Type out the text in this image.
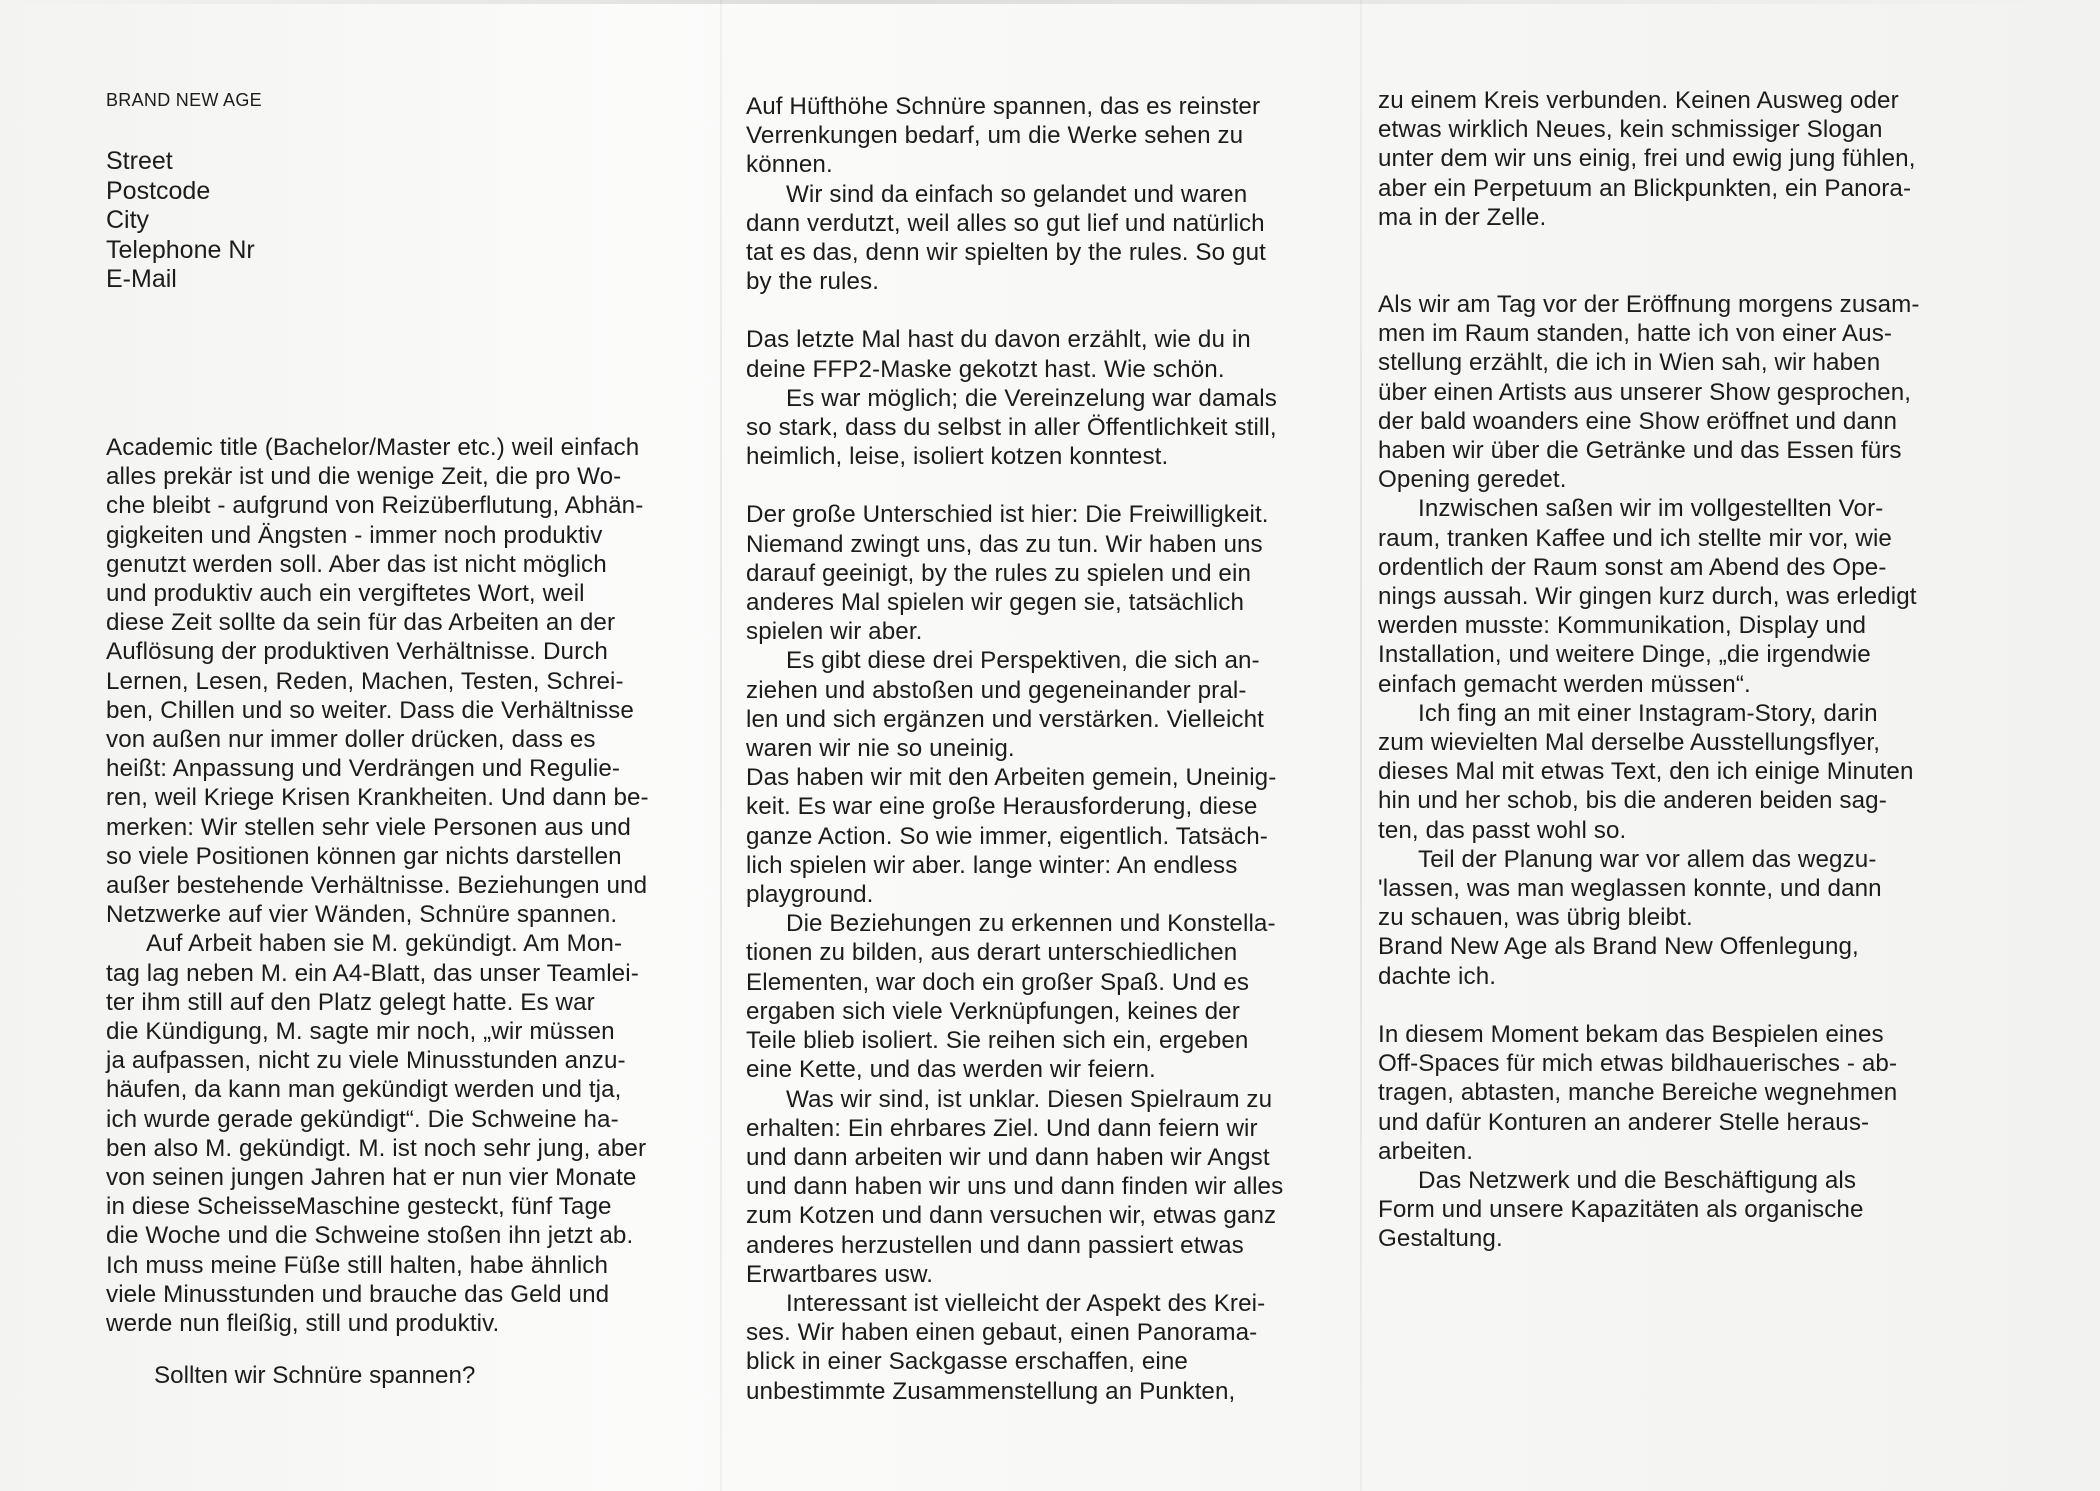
BRAND NEW AGE
Street
Postcode
City
Telephone Nr
E-Mail

Academic title (Bachelor/Master etc.) weil einfach

alles prekär ist und die wenige Zeit, die pro Wo-

che bleibt - aufgrund von Reizüberflutung, Abhän-

gigkeiten und Ängsten - immer noch produktiv

genutzt werden soll. Aber das ist nicht möglich

und produktiv auch ein vergiftetes Wort, weil

diese Zeit sollte da sein für das Arbeiten an der

Auflösung der produktiven Verhältnisse. Durch

Lernen, Lesen, Reden, Machen, Testen, Schrei-

ben, Chillen und so weiter. Dass die Verhältnisse

von außen nur immer doller drücken, dass es

heißt: Anpassung und Verdrängen und Regulie-

ren, weil Kriege Krisen Krankheiten. Und dann be-

merken: Wir stellen sehr viele Personen aus und

so viele Positionen können gar nichts darstellen

außer bestehende Verhältnisse. Beziehungen und

Netzwerke auf vier Wänden, Schnüre spannen.

Auf Arbeit haben sie M. gekündigt. Am Mon-

tag lag neben M. ein A4-Blatt, das unser Teamlei-

ter ihm still auf den Platz gelegt hatte. Es war

die Kündigung, M. sagte mir noch, „wir müssen

ja aufpassen, nicht zu viele Minusstunden anzu-

häufen, da kann man gekündigt werden und tja,

ich wurde gerade gekündigt“. Die Schweine ha-

ben also M. gekündigt. M. ist noch sehr jung, aber

von seinen jungen Jahren hat er nun vier Monate

in diese ScheisseMaschine gesteckt, fünf Tage

die Woche und die Schweine stoßen ihn jetzt ab.

Ich muss meine Füße still halten, habe ähnlich

viele Minusstunden und brauche das Geld und

werde nun fleißig, still und produktiv.

Auf Hüfthöhe Schnüre spannen, das es reinster

Verrenkungen bedarf, um die Werke sehen zu

können.

Wir sind da einfach so gelandet und waren

dann verdutzt, weil alles so gut lief und natürlich

tat es das, denn wir spielten by the rules. So gut

by the rules.

Das letzte Mal hast du davon erzählt, wie du in

deine FFP2-Maske gekotzt hast. Wie schön.

Es war möglich; die Vereinzelung war damals

so stark, dass du selbst in aller Öffentlichkeit still,

heimlich, leise, isoliert kotzen konntest.

Der große Unterschied ist hier: Die Freiwilligkeit.

Niemand zwingt uns, das zu tun. Wir haben uns

darauf geeinigt, by the rules zu spielen und ein

anderes Mal spielen wir gegen sie, tatsächlich

spielen wir aber.

Es gibt diese drei Perspektiven, die sich an-

ziehen und abstoßen und gegeneinander pral-

len und sich ergänzen und verstärken. Vielleicht

waren wir nie so uneinig.

Das haben wir mit den Arbeiten gemein, Uneinig-

keit. Es war eine große Herausforderung, diese

ganze Action. So wie immer, eigentlich. Tatsäch-

lich spielen wir aber. lange winter: An endless

playground.

Die Beziehungen zu erkennen und Konstella-

tionen zu bilden, aus derart unterschiedlichen

Elementen, war doch ein großer Spaß. Und es

ergaben sich viele Verknüpfungen, keines der

Teile blieb isoliert. Sie reihen sich ein, ergeben

eine Kette, und das werden wir feiern.

Was wir sind, ist unklar. Diesen Spielraum zu

erhalten: Ein ehrbares Ziel. Und dann feiern wir

und dann arbeiten wir und dann haben wir Angst

und dann haben wir uns und dann finden wir alles

zum Kotzen und dann versuchen wir, etwas ganz

anderes herzustellen und dann passiert etwas

Erwartbares usw.

Interessant ist vielleicht der Aspekt des Krei-

ses. Wir haben einen gebaut, einen Panorama-

blick in einer Sackgasse erschaffen, eine

unbestimmte Zusammenstellung an Punkten,

zu einem Kreis verbunden. Keinen Ausweg oder

etwas wirklich Neues, kein schmissiger Slogan

unter dem wir uns einig, frei und ewig jung fühlen,

aber ein Perpetuum an Blickpunkten, ein Panora-

ma in der Zelle.

Als wir am Tag vor der Eröffnung morgens zusam-

men im Raum standen, hatte ich von einer Aus-

stellung erzählt, die ich in Wien sah, wir haben

über einen Artists aus unserer Show gesprochen,

der bald woanders eine Show eröffnet und dann

haben wir über die Getränke und das Essen fürs

Opening geredet.

Inzwischen saßen wir im vollgestellten Vor-

raum, tranken Kaffee und ich stellte mir vor, wie

ordentlich der Raum sonst am Abend des Ope-

nings aussah. Wir gingen kurz durch, was erledigt

werden musste: Kommunikation, Display und

Installation, und weitere Dinge, „die irgendwie

einfach gemacht werden müssen“.

Ich fing an mit einer Instagram-Story, darin

zum wievielten Mal derselbe Ausstellungsflyer,

dieses Mal mit etwas Text, den ich einige Minuten

hin und her schob, bis die anderen beiden sag-

ten, das passt wohl so.

Teil der Planung war vor allem das wegzu-

'lassen, was man weglassen konnte, und dann

zu schauen, was übrig bleibt.

Brand New Age als Brand New Offenlegung,

dachte ich.

In diesem Moment bekam das Bespielen eines

Off-Spaces für mich etwas bildhauerisches - ab-

tragen, abtasten, manche Bereiche wegnehmen

und dafür Konturen an anderer Stelle heraus-

arbeiten.

Das Netzwerk und die Beschäftigung als

Form und unsere Kapazitäten als organische

Gestaltung.

Sollten wir Schnüre spannen?
